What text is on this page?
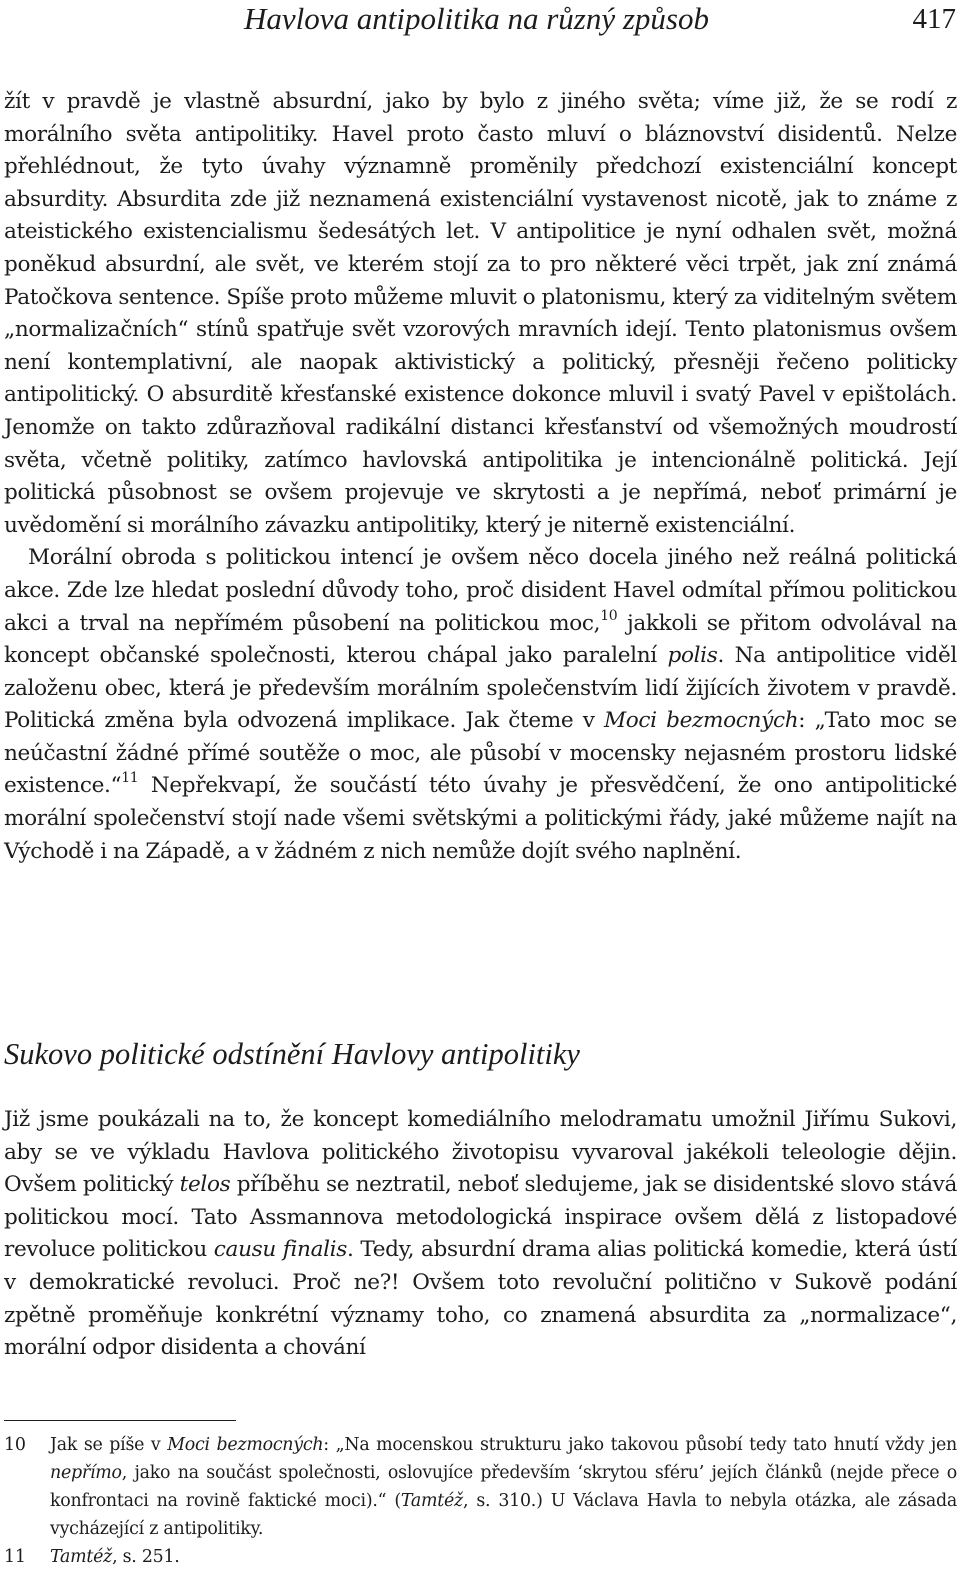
Havlova antipolitika na různý způsob	417

žít v pravdě je vlastně absurdní, jako by bylo z jiného světa; víme již, že se rodí z morálního světa antipolitiky. Havel proto často mluví o bláznovství disidentů. Nelze přehlédnout, že tyto úvahy významně proměnily předchozí existenciální koncept absurdity. Absurdita zde již neznamená existenciální vystavenost nicotě, jak to známe z ateistického existencialismu šedesátých let. V antipolitice je nyní odhalen svět, možná poněkud absurdní, ale svět, ve kterém stojí za to pro některé věci trpět, jak zní známá Patočkova sentence. Spíše proto můžeme mluvit o platonismu, který za viditelným světem „normalizačních“ stínů spatřuje svět vzorových mravních idejí. Tento platonismus ovšem není kontemplativní, ale naopak aktivistický a politický, přesněji řečeno politicky antipolitický. O absurditě křesťanské existence dokonce mluvil i svatý Pavel v epištolách. Jenomže on takto zdůrazňoval radikální distanci křesťanství od všemožných moudrostí světa, včetně politiky, zatímco havlovská antipolitika je intencionálně politická. Její politická působnost se ovšem projevuje ve skrytosti a je nepřímá, neboť primární je uvědomění si morálního závazku antipolitiky, který je niterně existenciální.

Morální obroda s politickou intencí je ovšem něco docela jiného než reálná politická akce. Zde lze hledat poslední důvody toho, proč disident Havel odmítal přímou politickou akci a trval na nepřímém působení na politickou moc,$^{10}$ jakkoli se přitom odvolával na koncept občanské společnosti, kterou chápal jako paralelní polis. Na antipolitice viděl založenu obec, která je především morálním společenstvím lidí žijících životem v pravdě. Politická změna byla odvozená implikace. Jak čteme v Moci bezmocných: „Tato moc se neúčastní žádné přímé soutěže o moc, ale působí v mocensky nejasném prostoru lidské existence.“$^{11}$ Nepřekvapí, že součástí této úvahy je přesvědčení, že ono antipolitické morální společenství stojí nade všemi světskými a politickými řády, jaké můžeme najít na Východě i na Západě, a v žádném z nich nemůže dojít svého naplnění.

Sukovo politické odstínění Havlovy antipolitiky

Již jsme poukázali na to, že koncept komediálního melodramatu umožnil Jiřímu Sukovi, aby se ve výkladu Havlova politického životopisu vyvaroval jakékoli teleologie dějin. Ovšem politický telos příběhu se neztratil, neboť sledujeme, jak se disidentské slovo stává politickou mocí. Tato Assmannova metodologická inspirace ovšem dělá z listopadové revoluce politickou causu finalis. Tedy, absurdní drama alias politická komedie, která ústí v demokratické revoluci. Proč ne?! Ovšem toto revoluční politično v Sukově podání zpětně proměňuje konkrétní významy toho, co znamená absurdita za „normalizace“, morální odpor disidenta a chování

10 Jak se píše v Moci bezmocných: „Na mocenskou strukturu jako takovou působí tedy tato hnutí vždy jen nepřímo, jako na součást společnosti, oslovujíce především ‘skrytou sféru’ jejích článků (nejde přece o konfrontaci na rovině faktické moci).“ (Tamtéž, s. 310.) U Václava Havla to nebyla otázka, ale zásada vycházející z antipolitiky.
11 Tamtéž, s. 251.
